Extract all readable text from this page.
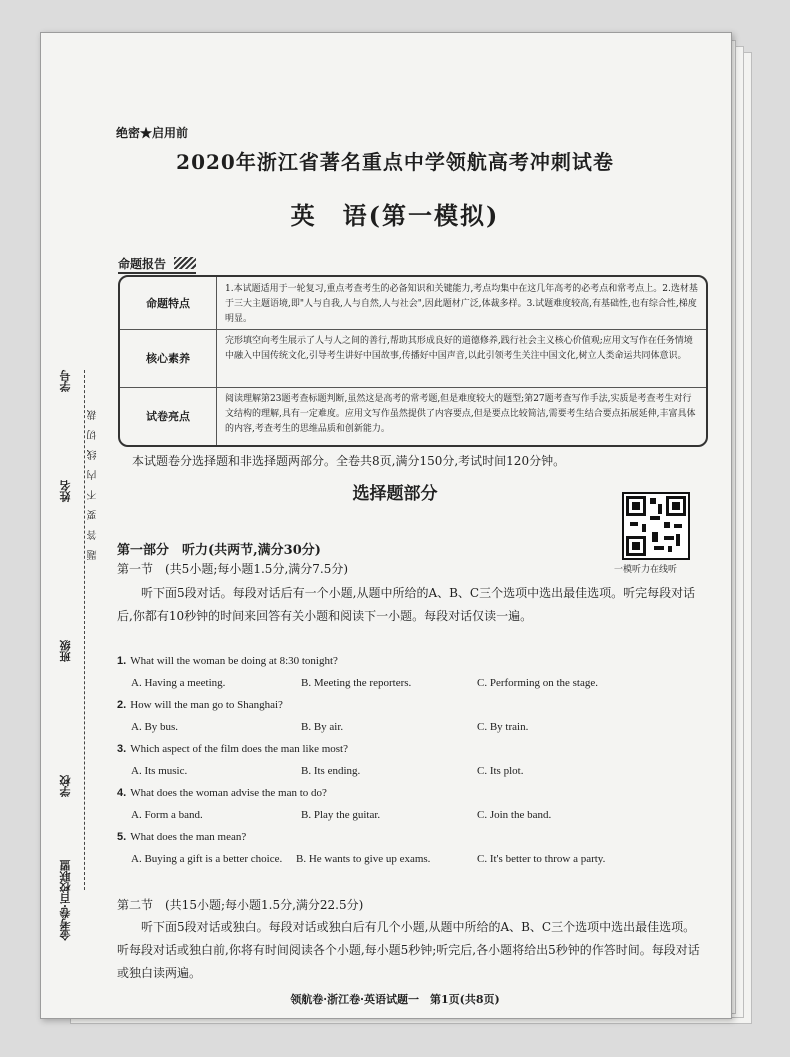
绝密★启用前
2020年浙江省著名重点中学领航高考冲刺试卷
英　语(第一模拟)
命题报告
命题特点
1.本试题适用于一轮复习,重点考查考生的必备知识和关键能力,考点均集中在这几年高考的必考点和常考点上。2.选材基于三大主题语境,即"人与自我,人与自然,人与社会",因此题材广泛,体裁多样。3.试题难度较高,有基础性,也有综合性,梯度明显。
核心素养
完形填空向考生展示了人与人之间的善行,帮助其形成良好的道德修养,践行社会主义核心价值观;应用文写作在任务情境中融入中国传统文化,引导考生讲好中国故事,传播好中国声音,以此引领考生关注中国文化,树立人类命运共同体意识。
试卷亮点
阅读理解第23题考查标题判断,虽然这是高考的常考题,但是难度较大的题型;第27题考查写作手法,实质是考查考生对行文结构的理解,具有一定难度。应用文写作虽然提供了内容要点,但是要点比较简洁,需要考生结合要点拓展延伸,丰富具体的内容,考查考生的思维品质和创新能力。
本试题卷分选择题和非选择题两部分。全卷共8页,满分150分,考试时间120分钟。
选择题部分
一模听力在线听
第一部分　听力(共两节,满分30分)
第一节　(共5小题;每小题1.5分,满分7.5分)
听下面5段对话。每段对话后有一个小题,从题中所给的A、B、C三个选项中选出最佳选项。听完每段对话后,你都有10秒钟的时间来回答有关小题和阅读下一小题。每段对话仅读一遍。
1. What will the woman be doing at 8:30 tonight?
A. Having a meeting.	B. Meeting the reporters.	C. Performing on the stage.
2. How will the man go to Shanghai?
A. By bus.	B. By air.	C. By train.
3. Which aspect of the film does the man like most?
A. Its music.	B. Its ending.	C. Its plot.
4. What does the woman advise the man to do?
A. Form a band.	B. Play the guitar.	C. Join the band.
5. What does the man mean?
A. Buying a gift is a better choice. B. He wants to give up exams.	C. It's better to throw a party.
第二节　(共15小题;每小题1.5分,满分22.5分)
听下面5段对话或独白。每段对话或独白后有几个小题,从题中所给的A、B、C三个选项中选出最佳选项。听每段对话或独白前,你将有时间阅读各个小题,每小题5秒钟;听完后,各小题将给出5秒钟的作答时间。每段对话或独白读两遍。
领航卷·浙江卷·英语试题一　第1页(共8页)
学号
姓名
班级
学校
金考卷·百校联盟
题　答　要　不　内　线　切　裁
